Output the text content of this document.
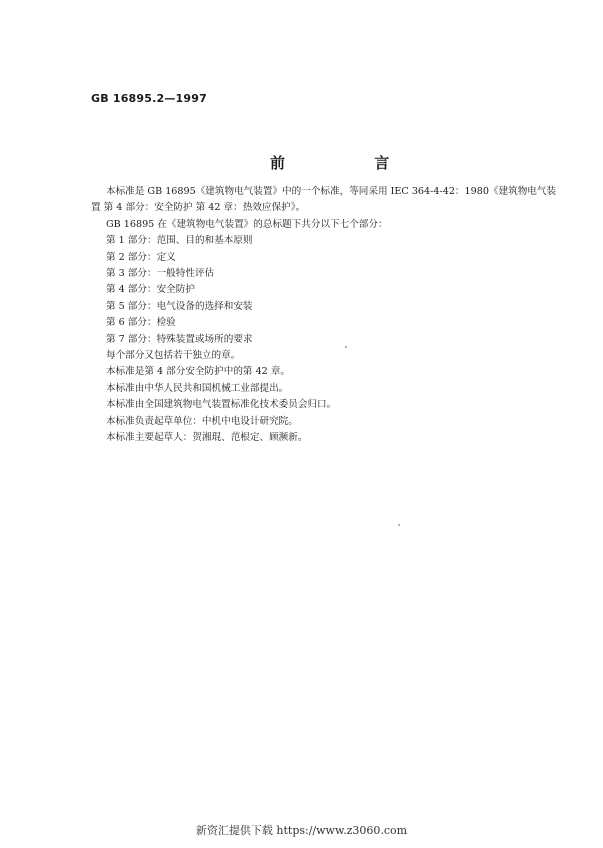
GB 16895.2—1997

前 言

本标准是 GB 16895《建筑物电气装置》中的一个标准，等同采用 IEC 364-4-42：1980《建筑物电气装

置 第 4 部分：安全防护 第 42 章：热效应保护》。

GB 16895 在《建筑物电气装置》的总标题下共分以下七个部分：

第 1 部分：范围、目的和基本原则

第 2 部分：定义

第 3 部分：一般特性评估

第 4 部分：安全防护

第 5 部分：电气设备的选择和安装

第 6 部分：检验

第 7 部分：特殊装置或场所的要求

每个部分又包括若干独立的章。

本标准是第 4 部分安全防护中的第 42 章。

本标准由中华人民共和国机械工业部提出。

本标准由全国建筑物电气装置标准化技术委员会归口。

本标准负责起草单位：中机中电设计研究院。

本标准主要起草人：贺湘琨、范根定、顾濒新。

新资汇提供下载 https://www.z3060.com
